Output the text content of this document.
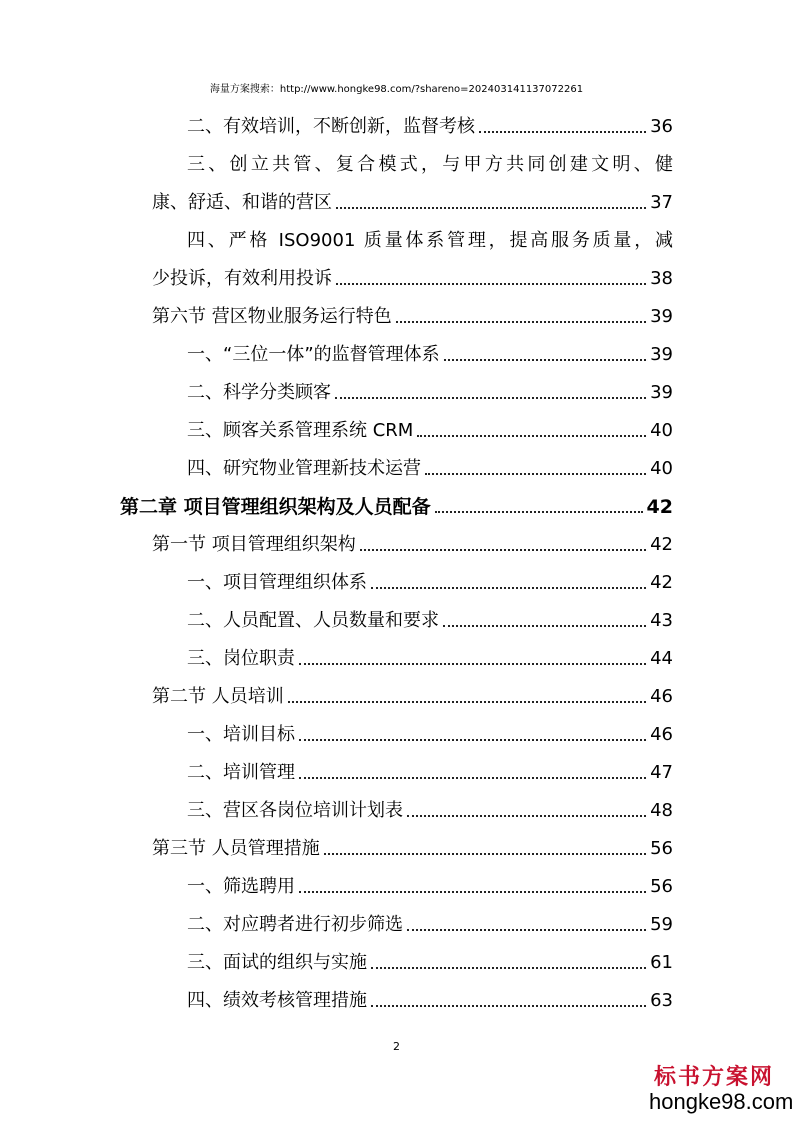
海量方案搜索：http://www.hongke98.com/?shareno=20240314113707226​1
二、有效培训，不断创新，监督考核	36
三、创立共管、复合模式，与甲方共同创建文明、健
康、舒适、和谐的营区	37
四、严格 ISO9001 质量体系管理，提高服务质量，减
少投诉，有效利用投诉	38
第六节 营区物业服务运行特色	39
一、“三位一体”的监督管理体系	39
二、科学分类顾客	39
三、顾客关系管理系统 CRM	40
四、研究物业管理新技术运营	40
第二章 项目管理组织架构及人员配备	42
第一节 项目管理组织架构	42
一、项目管理组织体系	42
二、人员配置、人员数量和要求	43
三、岗位职责	44
第二节 人员培训	46
一、培训目标	46
二、培训管理	47
三、营区各岗位培训计划表	48
第三节 人员管理措施	56
一、筛选聘用	56
二、对应聘者进行初步筛选	59
三、面试的组织与实施	61
四、绩效考核管理措施	63
2
标书方案网
hongke98.com
